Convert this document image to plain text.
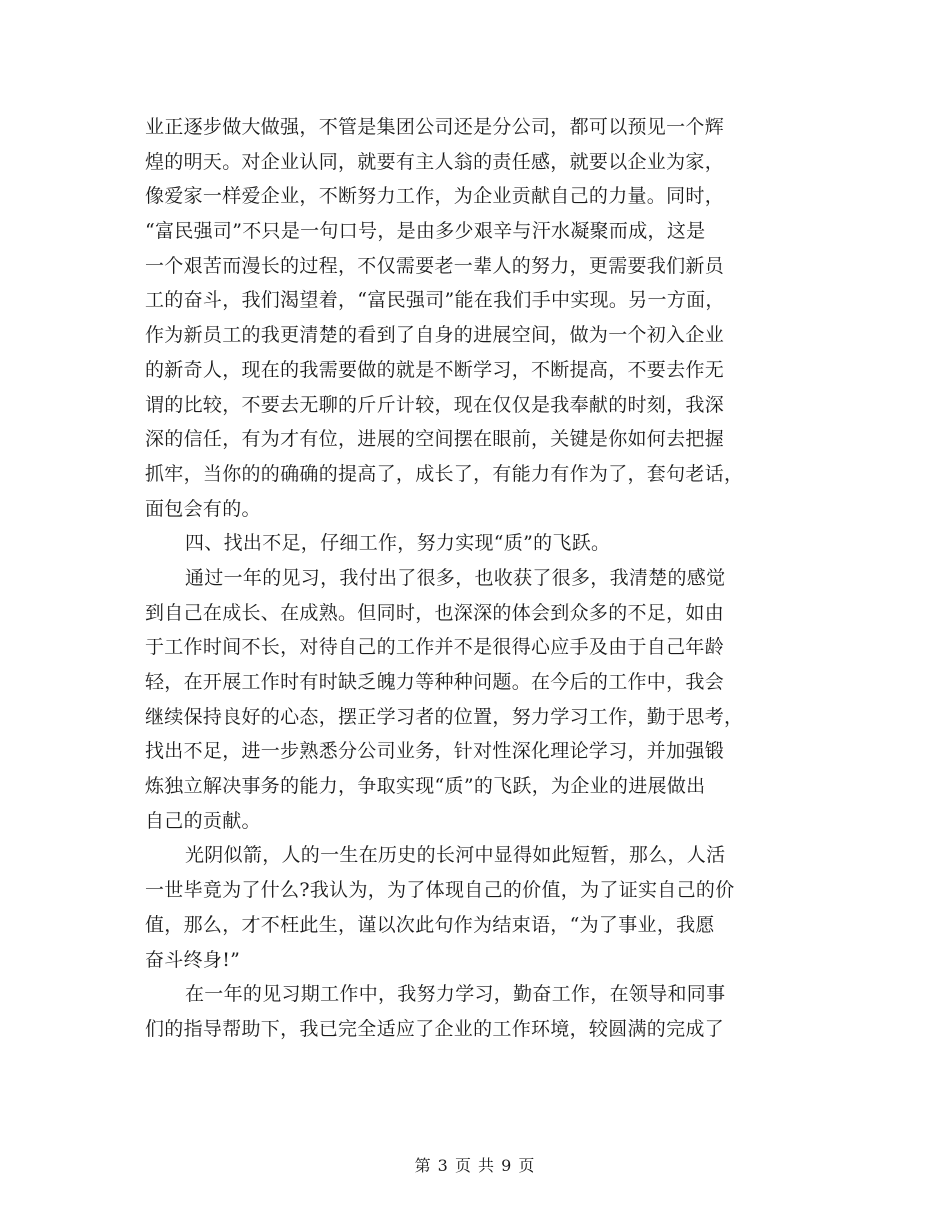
业正逐步做大做强，不管是集团公司还是分公司，都可以预见一个辉
煌的明天。对企业认同，就要有主人翁的责任感，就要以企业为家，
像爱家一样爱企业，不断努力工作，为企业贡献自己的力量。同时，
“富民强司”不只是一句口号，是由多少艰辛与汗水凝聚而成，这是
一个艰苦而漫长的过程，不仅需要老一辈人的努力，更需要我们新员
工的奋斗，我们渴望着，“富民强司”能在我们手中实现。另一方面，
作为新员工的我更清楚的看到了自身的进展空间，做为一个初入企业
的新奇人，现在的我需要做的就是不断学习，不断提高，不要去作无
谓的比较，不要去无聊的斤斤计较，现在仅仅是我奉献的时刻，我深
深的信任，有为才有位，进展的空间摆在眼前，关键是你如何去把握
抓牢，当你的的确确的提高了，成长了，有能力有作为了，套句老话，
面包会有的。
四、找出不足，仔细工作，努力实现“质”的飞跃。
通过一年的见习，我付出了很多，也收获了很多，我清楚的感觉
到自己在成长、在成熟。但同时，也深深的体会到众多的不足，如由
于工作时间不长，对待自己的工作并不是很得心应手及由于自己年龄
轻，在开展工作时有时缺乏魄力等种种问题。在今后的工作中，我会
继续保持良好的心态，摆正学习者的位置，努力学习工作，勤于思考，
找出不足，进一步熟悉分公司业务，针对性深化理论学习，并加强锻
炼独立解决事务的能力，争取实现“质”的飞跃，为企业的进展做出
自己的贡献。
光阴似箭，人的一生在历史的长河中显得如此短暂，那么，人活
一世毕竟为了什么?我认为，为了体现自己的价值，为了证实自己的价
值，那么，才不枉此生，谨以次此句作为结束语，“为了事业，我愿
奋斗终身!”
在一年的见习期工作中，我努力学习，勤奋工作，在领导和同事
们的指导帮助下，我已完全适应了企业的工作环境，较圆满的完成了
第 3 页 共 9 页
